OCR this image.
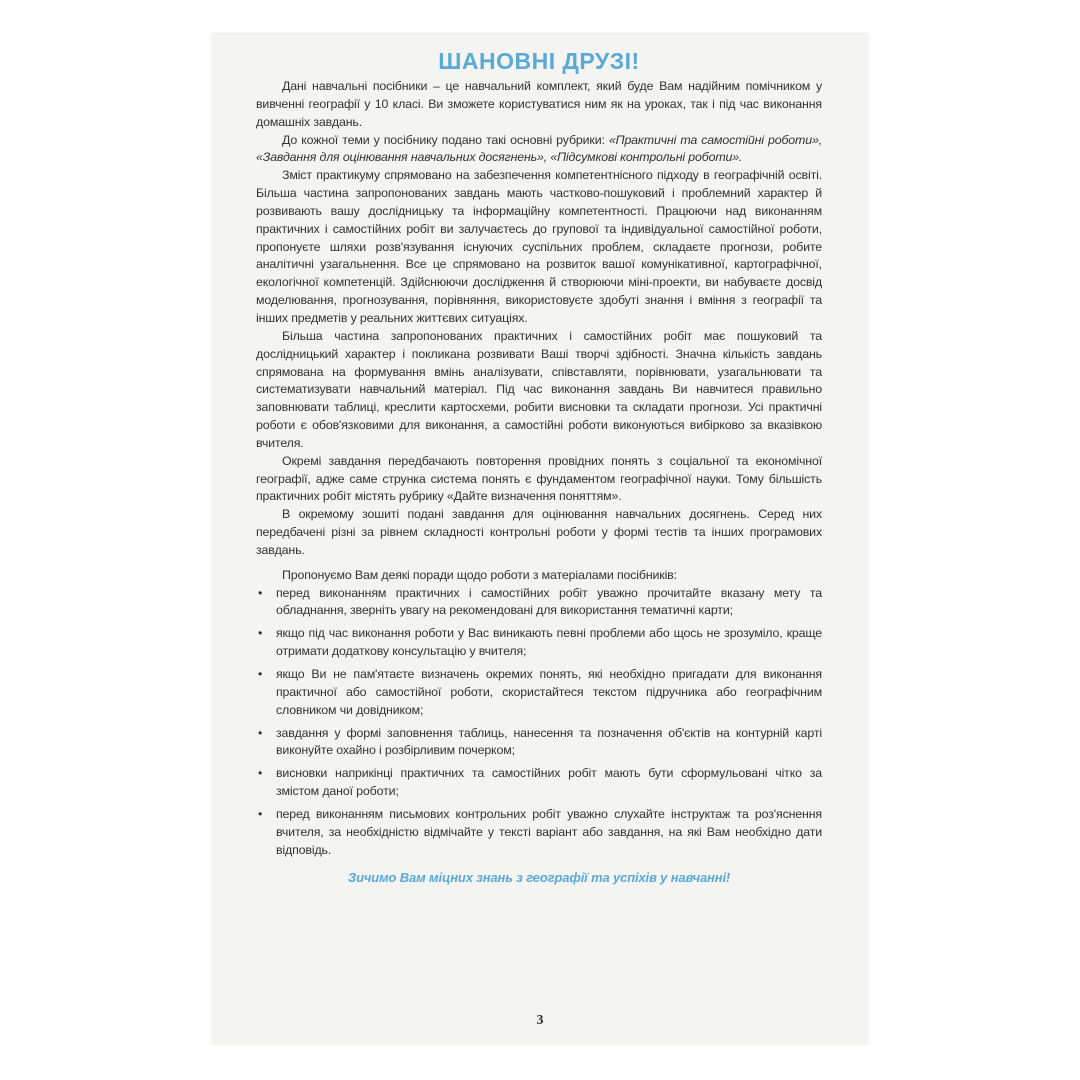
ШАНОВНІ ДРУЗІ!

Дані навчальні посібники – це навчальний комплект, який буде Вам надійним помічником у вивченні географії у 10 класі. Ви зможете користуватися ним як на уроках, так і під час виконання домашніх завдань.

До кожної теми у посібнику подано такі основні рубрики: «Практичні та самостійні роботи», «Завдання для оцінювання навчальних досягнень», «Підсумкові контрольні роботи».

Зміст практикуму спрямовано на забезпечення компетентнісного підходу в географічній освіті. Більша частина запропонованих завдань мають частково-пошуковий і проблемний характер й розвивають вашу дослідницьку та інформаційну компетентності. Працюючи над виконанням практичних і самостійних робіт ви залучаєтесь до групової та індивідуальної самостійної роботи, пропонуєте шляхи розв'язування існуючих суспільних проблем, складаєте прогнози, робите аналітичні узагальнення. Все це спрямовано на розвиток вашої комунікативної, картографічної, екологічної компетенцій. Здійснюючи дослідження й створюючи міні-проекти, ви набуваєте досвід моделювання, прогнозування, порівняння, використовуєте здобуті знання і вміння з географії та інших предметів у реальних життєвих ситуаціях.

Більша частина запропонованих практичних і самостійних робіт має пошуковий та дослідницький характер і покликана розвивати Ваші творчі здібності. Значна кількість завдань спрямована на формування вмінь аналізувати, співставляти, порівнювати, узагальнювати та систематизувати навчальний матеріал. Під час виконання завдань Ви навчитеся правильно заповнювати таблиці, креслити картосхеми, робити висновки та складати прогнози. Усі практичні роботи є обов'язковими для виконання, а самостійні роботи виконуються вибірково за вказівкою вчителя.

Окремі завдання передбачають повторення провідних понять з соціальної та економічної географії, адже саме струнка система понять є фундаментом географічної науки. Тому більшість практичних робіт містять рубрику «Дайте визначення поняттям».

В окремому зошиті подані завдання для оцінювання навчальних досягнень. Серед них передбачені різні за рівнем складності контрольні роботи у формі тестів та інших програмових завдань.

Пропонуємо Вам деякі поради щодо роботи з матеріалами посібників:

• перед виконанням практичних і самостійних робіт уважно прочитайте вказану мету та обладнання, зверніть увагу на рекомендовані для використання тематичні карти;
• якщо під час виконання роботи у Вас виникають певні проблеми або щось не зрозуміло, краще отримати додаткову консультацію у вчителя;
• якщо Ви не пам'ятаєте визначень окремих понять, які необхідно пригадати для виконання практичної або самостійної роботи, скористайтеся текстом підручника або географічним словником чи довідником;
• завдання у формі заповнення таблиць, нанесення та позначення об'єктів на контурній карті виконуйте охайно і розбірливим почерком;
• висновки наприкінці практичних та самостійних робіт мають бути сформульовані чітко за змістом даної роботи;
• перед виконанням письмових контрольних робіт уважно слухайте інструктаж та роз'яснення вчителя, за необхідністю відмічайте у тексті варіант або завдання, на які Вам необхідно дати відповідь.
Зичимо Вам міцних знань з географії та успіхів у навчанні!
3
